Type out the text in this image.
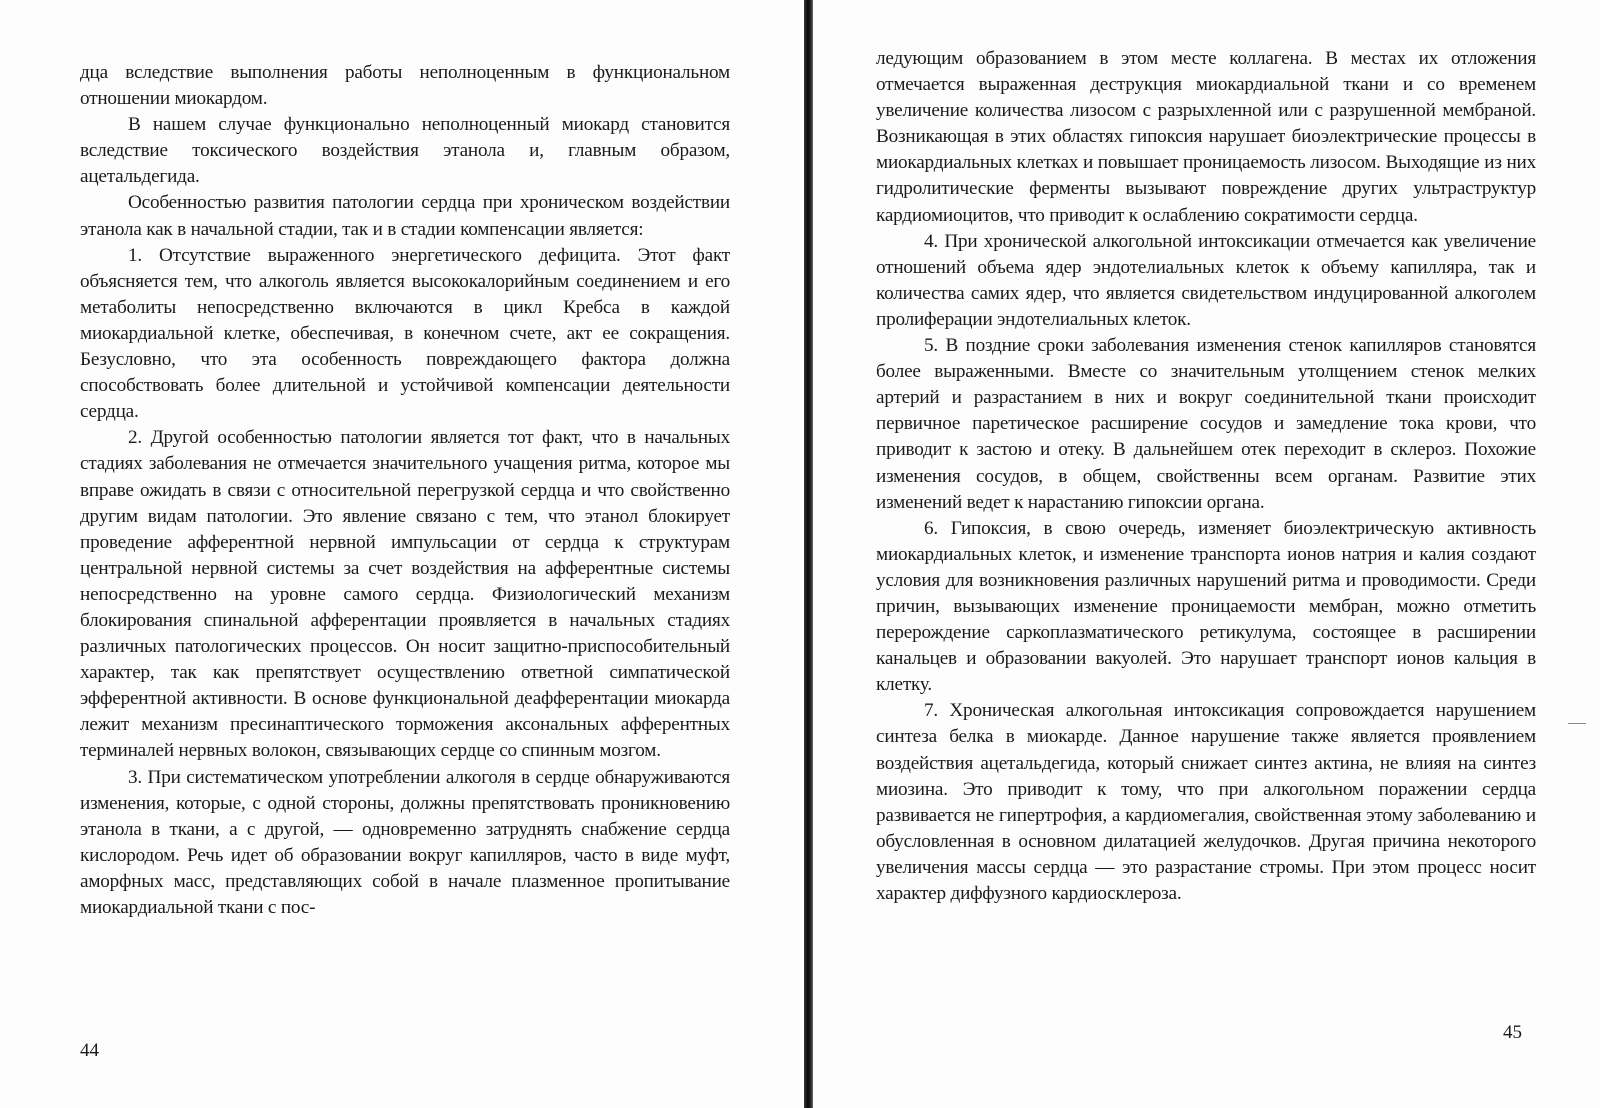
дца вследствие выполнения работы неполноценным в функциональном отношении миокардом.

В нашем случае функционально неполноценный миокард становится вследствие токсического воздействия этанола и, главным образом, ацетальдегида.

Особенностью развития патологии сердца при хроническом воздействии этанола как в начальной стадии, так и в стадии компенсации является:

1. Отсутствие выраженного энергетического дефицита. Этот факт объясняется тем, что алкоголь является высококалорийным соединением и его метаболиты непосредственно включаются в цикл Кребса в каждой миокардиальной клетке, обеспечивая, в конечном счете, акт ее сокращения. Безусловно, что эта особенность повреждающего фактора должна способствовать более длительной и устойчивой компенсации деятельности сердца.

2. Другой особенностью патологии является тот факт, что в начальных стадиях заболевания не отмечается значительного учащения ритма, которое мы вправе ожидать в связи с относительной перегрузкой сердца и что свойственно другим видам патологии. Это явление связано с тем, что этанол блокирует проведение афферентной нервной импульсации от сердца к структурам центральной нервной системы за счет воздействия на афферентные системы непосредственно на уровне самого сердца. Физиологический механизм блокирования спинальной афферентации проявляется в начальных стадиях различных патологических процессов. Он носит защитно-приспособительный характер, так как препятствует осуществлению ответной симпатической эфферентной активности. В основе функциональной деафферентации миокарда лежит механизм пресинаптического торможения аксональных афферентных терминалей нервных волокон, связывающих сердце со спинным мозгом.

3. При систематическом употреблении алкоголя в сердце обнаруживаются изменения, которые, с одной стороны, должны препятствовать проникновению этанола в ткани, а с другой, — одновременно затруднять снабжение сердца кислородом. Речь идет об образовании вокруг капилляров, часто в виде муфт, аморфных масс, представляющих собой в начале плазменное пропитывание миокардиальной ткани с пос-

44

ледующим образованием в этом месте коллагена. В местах их отложения отмечается выраженная деструкция миокардиальной ткани и со временем увеличение количества лизосом с разрыхленной или с разрушенной мембраной. Возникающая в этих областях гипоксия нарушает биоэлектрические процессы в миокардиальных клетках и повышает проницаемость лизосом. Выходящие из них гидролитические ферменты вызывают повреждение других ультраструктур кардиомиоцитов, что приводит к ослаблению сократимости сердца.

4. При хронической алкогольной интоксикации отмечается как увеличение отношений объема ядер эндотелиальных клеток к объему капилляра, так и количества самих ядер, что является свидетельством индуцированной алкоголем пролиферации эндотелиальных клеток.

5. В поздние сроки заболевания изменения стенок капилляров становятся более выраженными. Вместе со значительным утолщением стенок мелких артерий и разрастанием в них и вокруг соединительной ткани происходит первичное паретическое расширение сосудов и замедление тока крови, что приводит к застою и отеку. В дальнейшем отек переходит в склероз. Похожие изменения сосудов, в общем, свойственны всем органам. Развитие этих изменений ведет к нарастанию гипоксии органа.

6. Гипоксия, в свою очередь, изменяет биоэлектрическую активность миокардиальных клеток, и изменение транспорта ионов натрия и калия создают условия для возникновения различных нарушений ритма и проводимости. Среди причин, вызывающих изменение проницаемости мембран, можно отметить перерождение саркоплазматического ретикулума, состоящее в расширении канальцев и образовании вакуолей. Это нарушает транспорт ионов кальция в клетку.

7. Хроническая алкогольная интоксикация сопровождается нарушением синтеза белка в миокарде. Данное нарушение также является проявлением воздействия ацетальдегида, который снижает синтез актина, не влияя на синтез миозина. Это приводит к тому, что при алкогольном поражении сердца развивается не гипертрофия, а кардиомегалия, свойственная этому заболеванию и обусловленная в основном дилатацией желудочков. Другая причина некоторого увеличения массы сердца — это разрастание стромы. При этом процесс носит характер диффузного кардиосклероза.

45
